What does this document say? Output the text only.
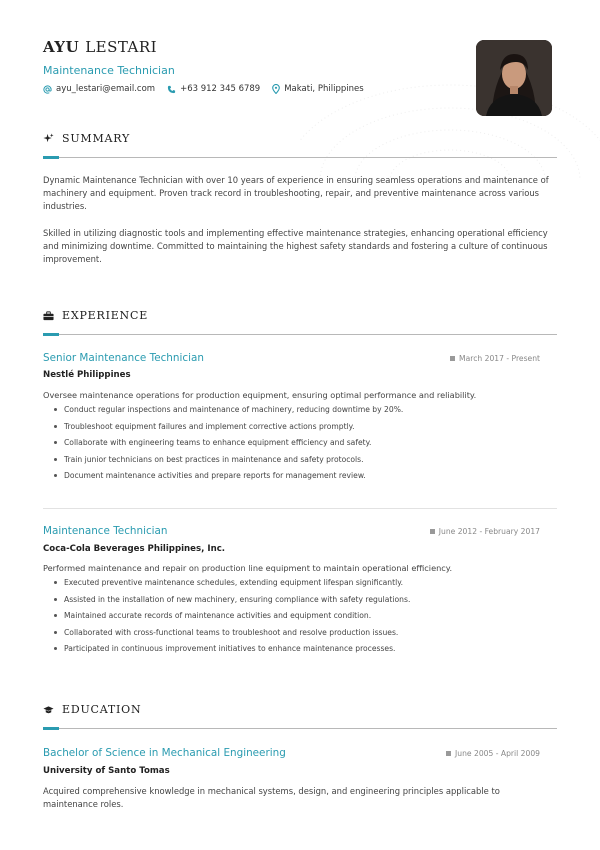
AYU LESTARI
Maintenance Technician
ayu_lestari@email.com	+63 912 345 6789	Makati, Philippines
SUMMARY

Dynamic Maintenance Technician with over 10 years of experience in ensuring seamless operations and maintenance of machinery and equipment. Proven track record in troubleshooting, repair, and preventive maintenance across various industries.

Skilled in utilizing diagnostic tools and implementing effective maintenance strategies, enhancing operational efficiency and minimizing downtime. Committed to maintaining the highest safety standards and fostering a culture of continuous improvement.

EXPERIENCE
Senior Maintenance Technician	March 2017 - Present
Nestlé Philippines
Oversee maintenance operations for production equipment, ensuring optimal performance and reliability.
Conduct regular inspections and maintenance of machinery, reducing downtime by 20%.
Troubleshoot equipment failures and implement corrective actions promptly.
Collaborate with engineering teams to enhance equipment efficiency and safety.
Train junior technicians on best practices in maintenance and safety protocols.
Document maintenance activities and prepare reports for management review.
Maintenance Technician	June 2012 - February 2017
Coca-Cola Beverages Philippines, Inc.
Performed maintenance and repair on production line equipment to maintain operational efficiency.
Executed preventive maintenance schedules, extending equipment lifespan significantly.
Assisted in the installation of new machinery, ensuring compliance with safety regulations.
Maintained accurate records of maintenance activities and equipment condition.
Collaborated with cross-functional teams to troubleshoot and resolve production issues.
Participated in continuous improvement initiatives to enhance maintenance processes.
EDUCATION
Bachelor of Science in Mechanical Engineering	June 2005 - April 2009
University of Santo Tomas

Acquired comprehensive knowledge in mechanical systems, design, and engineering principles applicable to maintenance roles.
